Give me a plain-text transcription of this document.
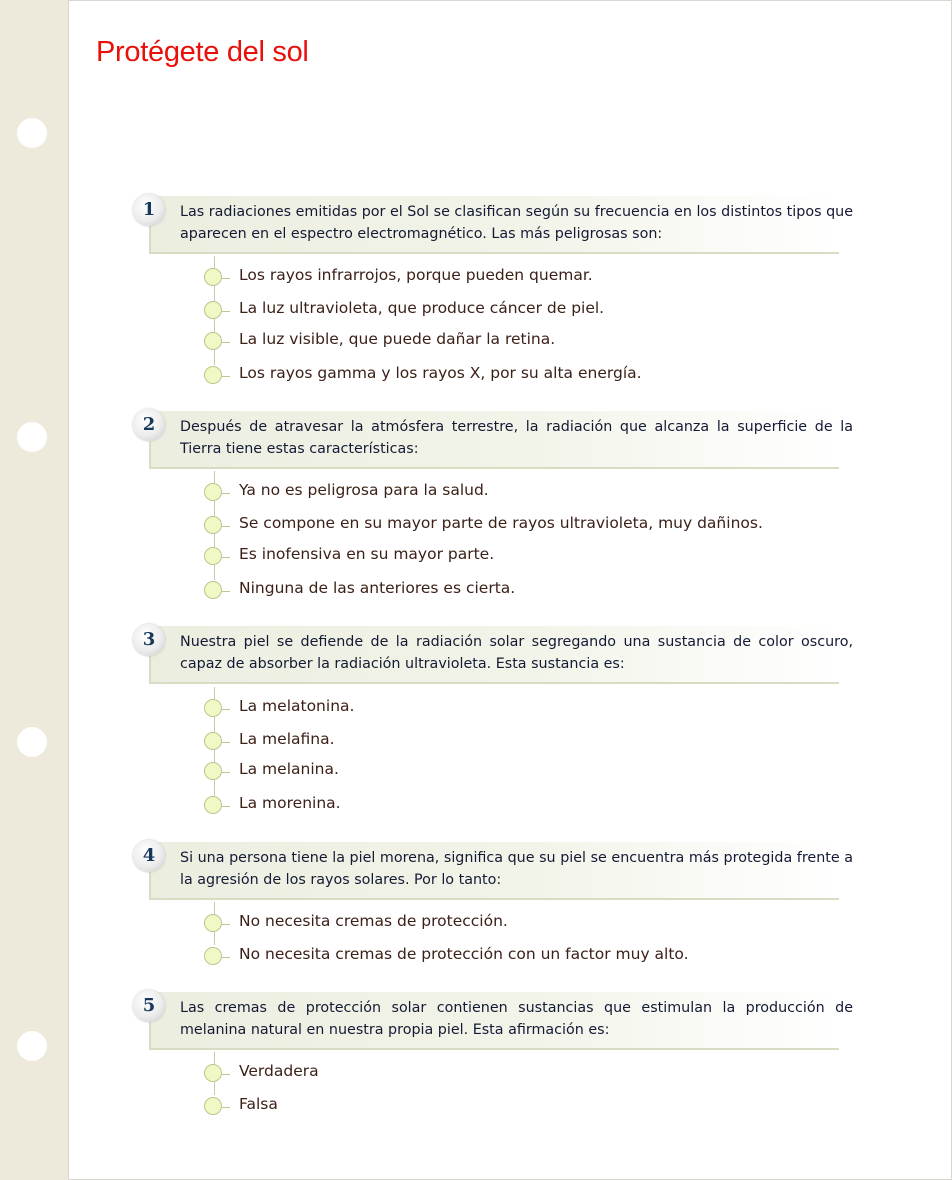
Protégete del sol
1	Las radiaciones emitidas por el Sol se clasifican según su frecuencia en los distintos tipos que aparecen en el espectro electromagnético. Las más peligrosas son:

Los rayos infrarrojos, porque pueden quemar.
La luz ultravioleta, que produce cáncer de piel.
La luz visible, que puede dañar la retina.
Los rayos gamma y los rayos X, por su alta energía.
2	Después de atravesar la atmósfera terrestre, la radiación que alcanza la superficie de la Tierra tiene estas características:

Ya no es peligrosa para la salud.
Se compone en su mayor parte de rayos ultravioleta, muy dañinos.
Es inofensiva en su mayor parte.
Ninguna de las anteriores es cierta.
3	Nuestra piel se defiende de la radiación solar segregando una sustancia de color oscuro, capaz de absorber la radiación ultravioleta. Esta sustancia es:

La melatonina.
La melafina.
La melanina.
La morenina.
4	Si una persona tiene la piel morena, significa que su piel se encuentra más protegida frente a la agresión de los rayos solares. Por lo tanto:

No necesita cremas de protección.
No necesita cremas de protección con un factor muy alto.
5	Las cremas de protección solar contienen sustancias que estimulan la producción de melanina natural en nuestra propia piel. Esta afirmación es:

Verdadera
Falsa
